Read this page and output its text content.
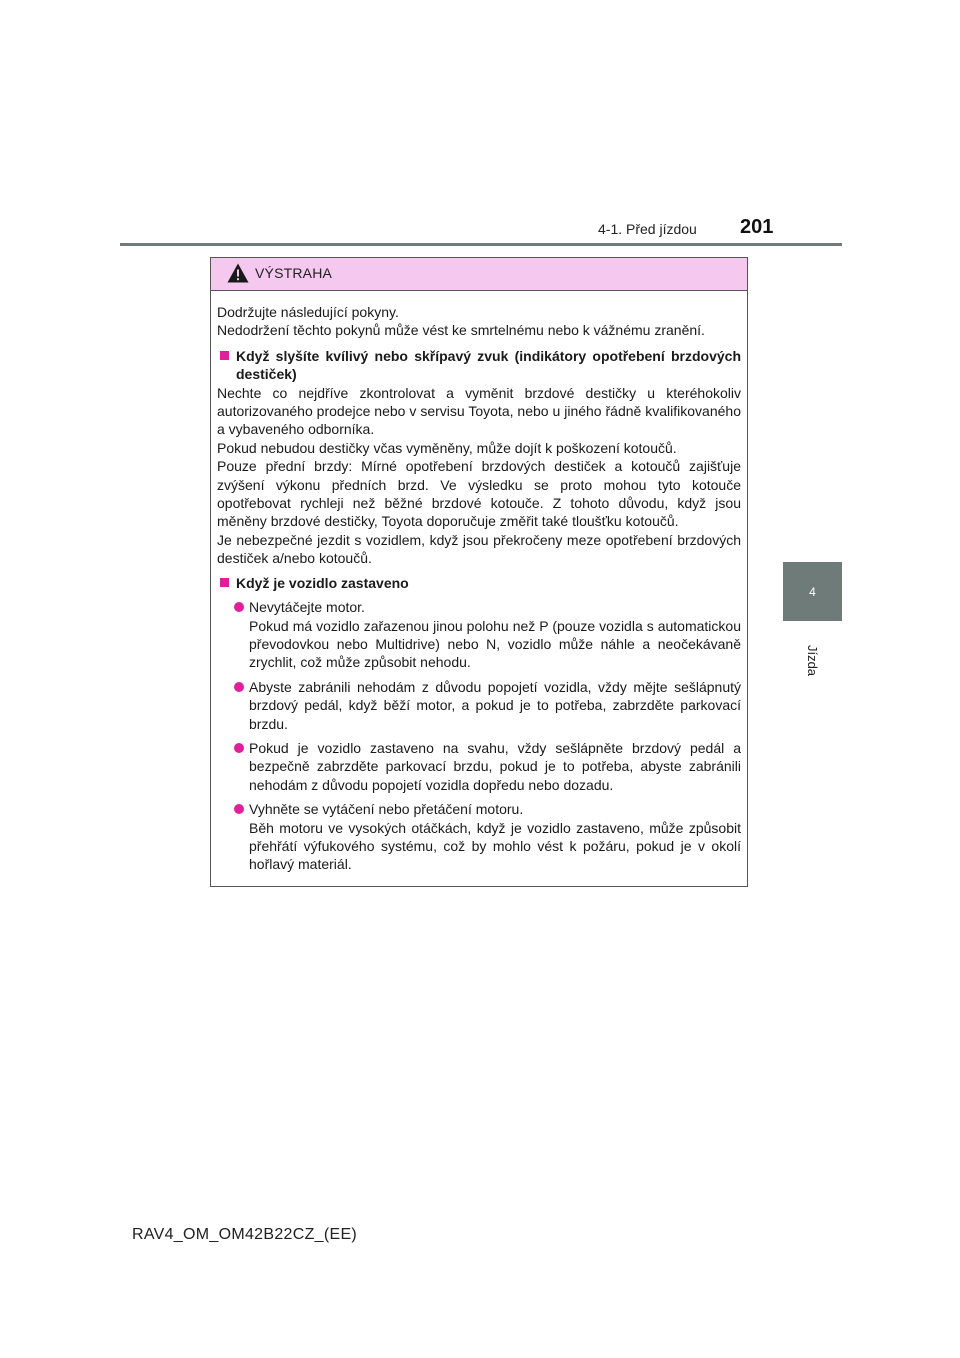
4-1. Před jízdou 201
4
Jízda
VÝSTRAHA

Dodržujte následující pokyny.

Nedodržení těchto pokynů může vést ke smrtelnému nebo k vážnému zranění.

Když slyšíte kvílivý nebo skřípavý zvuk (indikátory opotřebení brzdových destiček)

Nechte co nejdříve zkontrolovat a vyměnit brzdové destičky u kteréhokoliv autorizovaného prodejce nebo v servisu Toyota, nebo u jiného řádně kvalifikovaného a vybaveného odborníka.

Pokud nebudou destičky včas vyměněny, může dojít k poškození kotoučů.

Pouze přední brzdy: Mírné opotřebení brzdových destiček a kotoučů zajišťuje zvýšení výkonu předních brzd. Ve výsledku se proto mohou tyto kotouče opotřebovat rychleji než běžné brzdové kotouče. Z tohoto důvodu, když jsou měněny brzdové destičky, Toyota doporučuje změřit také tloušťku kotoučů.

Je nebezpečné jezdit s vozidlem, když jsou překročeny meze opotřebení brzdových destiček a/nebo kotoučů.

Když je vozidlo zastaveno

Nevytáčejte motor.

Pokud má vozidlo zařazenou jinou polohu než P (pouze vozidla s automatickou převodovkou nebo Multidrive) nebo N, vozidlo může náhle a neočekávaně zrychlit, což může způsobit nehodu.

Abyste zabránili nehodám z důvodu popojetí vozidla, vždy mějte sešlápnutý brzdový pedál, když běží motor, a pokud je to potřeba, zabrzděte parkovací brzdu.

Pokud je vozidlo zastaveno na svahu, vždy sešlápněte brzdový pedál a bezpečně zabrzděte parkovací brzdu, pokud je to potřeba, abyste zabránili nehodám z důvodu popojetí vozidla dopředu nebo dozadu.

Vyhněte se vytáčení nebo přetáčení motoru.

Běh motoru ve vysokých otáčkách, když je vozidlo zastaveno, může způsobit přehřátí výfukového systému, což by mohlo vést k požáru, pokud je v okolí hořlavý materiál.

RAV4_OM_OM42B22CZ_(EE)
